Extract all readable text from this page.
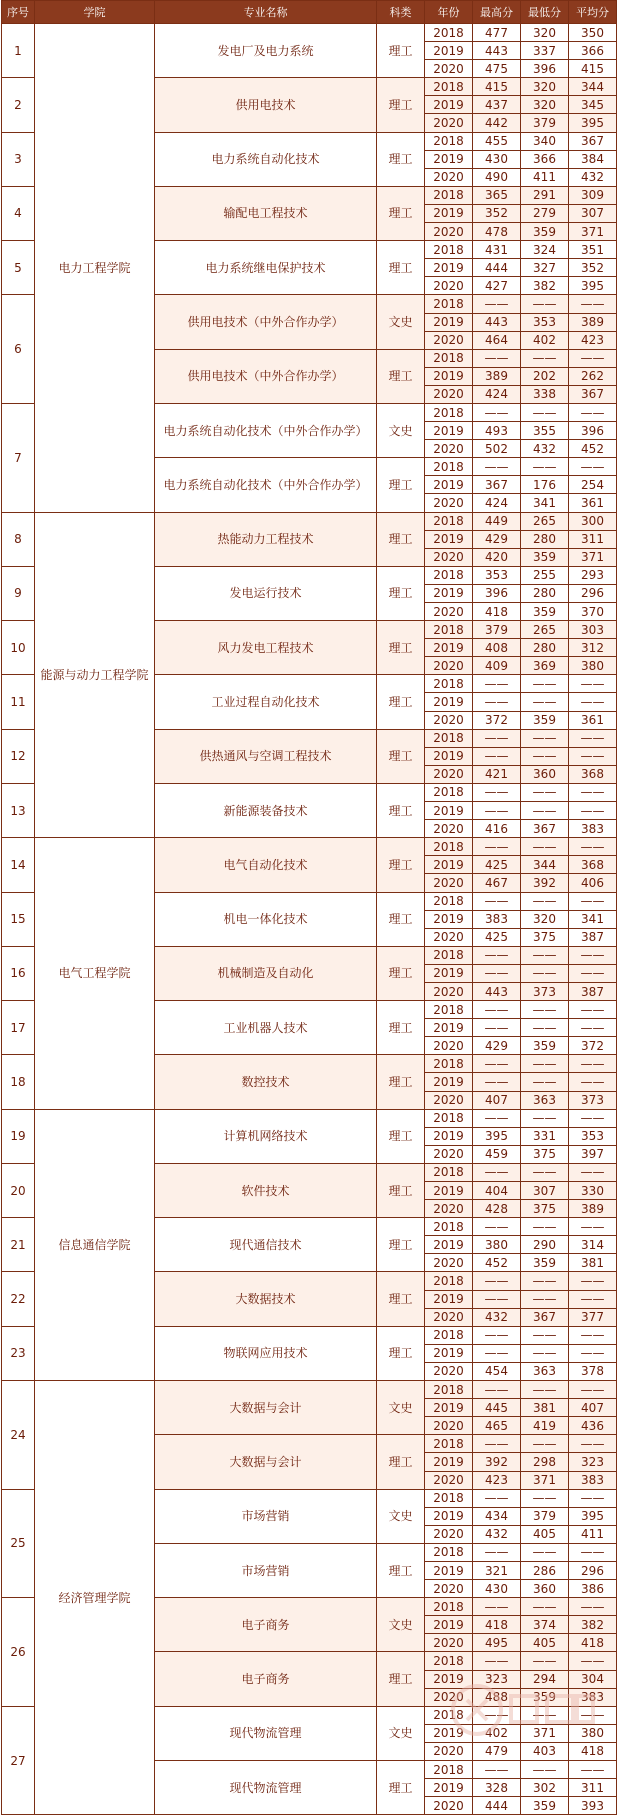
序号	学院	专业名称	科类	年份	最高分	最低分	平均分
1	电力工程学院	发电厂及电力系统	理工	2018	477	320	350
				2019	443	337	366
				2020	475	396	415
2		供用电技术	理工	2018	415	320	344
				2019	437	320	345
				2020	442	379	395
3		电力系统自动化技术	理工	2018	455	340	367
				2019	430	366	384
				2020	490	411	432
4		输配电工程技术	理工	2018	365	291	309
				2019	352	279	307
				2020	478	359	371
5		电力系统继电保护技术	理工	2018	431	324	351
				2019	444	327	352
				2020	427	382	395
6		供用电技术（中外合作办学）	文史	2018	——	——	——
				2019	443	353	389
				2020	464	402	423
		供用电技术（中外合作办学）	理工	2018	——	——	——
				2019	389	202	262
				2020	424	338	367
7		电力系统自动化技术（中外合作办学）	文史	2018	——	——	——
				2019	493	355	396
				2020	502	432	452
		电力系统自动化技术（中外合作办学）	理工	2018	——	——	——
				2019	367	176	254
				2020	424	341	361
8	能源与动力工程学院	热能动力工程技术	理工	2018	449	265	300
				2019	429	280	311
				2020	420	359	371
9		发电运行技术	理工	2018	353	255	293
				2019	396	280	296
				2020	418	359	370
10		风力发电工程技术	理工	2018	379	265	303
				2019	408	280	312
				2020	409	369	380
11		工业过程自动化技术	理工	2018	——	——	——
				2019	——	——	——
				2020	372	359	361
12		供热通风与空调工程技术	理工	2018	——	——	——
				2019	——	——	——
				2020	421	360	368
13		新能源装备技术	理工	2018	——	——	——
				2019	——	——	——
				2020	416	367	383
14	电气工程学院	电气自动化技术	理工	2018	——	——	——
				2019	425	344	368
				2020	467	392	406
15		机电一体化技术	理工	2018	——	——	——
				2019	383	320	341
				2020	425	375	387
16		机械制造及自动化	理工	2018	——	——	——
				2019	——	——	——
				2020	443	373	387
17		工业机器人技术	理工	2018	——	——	——
				2019	——	——	——
				2020	429	359	372
18		数控技术	理工	2018	——	——	——
				2019	——	——	——
				2020	407	363	373
19	信息通信学院	计算机网络技术	理工	2018	——	——	——
				2019	395	331	353
				2020	459	375	397
20		软件技术	理工	2018	——	——	——
				2019	404	307	330
				2020	428	375	389
21		现代通信技术	理工	2018	——	——	——
				2019	380	290	314
				2020	452	359	381
22		大数据技术	理工	2018	——	——	——
				2019	——	——	——
				2020	432	367	377
23		物联网应用技术	理工	2018	——	——	——
				2019	——	——	——
				2020	454	363	378
24	经济管理学院	大数据与会计	文史	2018	——	——	——
				2019	445	381	407
				2020	465	419	436
		大数据与会计	理工	2018	——	——	——
				2019	392	298	323
				2020	423	371	383
25		市场营销	文史	2018	——	——	——
				2019	434	379	395
				2020	432	405	411
		市场营销	理工	2018	——	——	——
				2019	321	286	296
				2020	430	360	386
26		电子商务	文史	2018	——	——	——
				2019	418	374	382
				2020	495	405	418
		电子商务	理工	2018	——	——	——
				2019	323	294	304
				2020	488	359	383
27		现代物流管理	文史	2018	——	——	——
				2019	402	371	380
				2020	479	403	418
		现代物流管理	理工	2018	——	——	——
				2019	328	302	311
				2020	444	359	393
